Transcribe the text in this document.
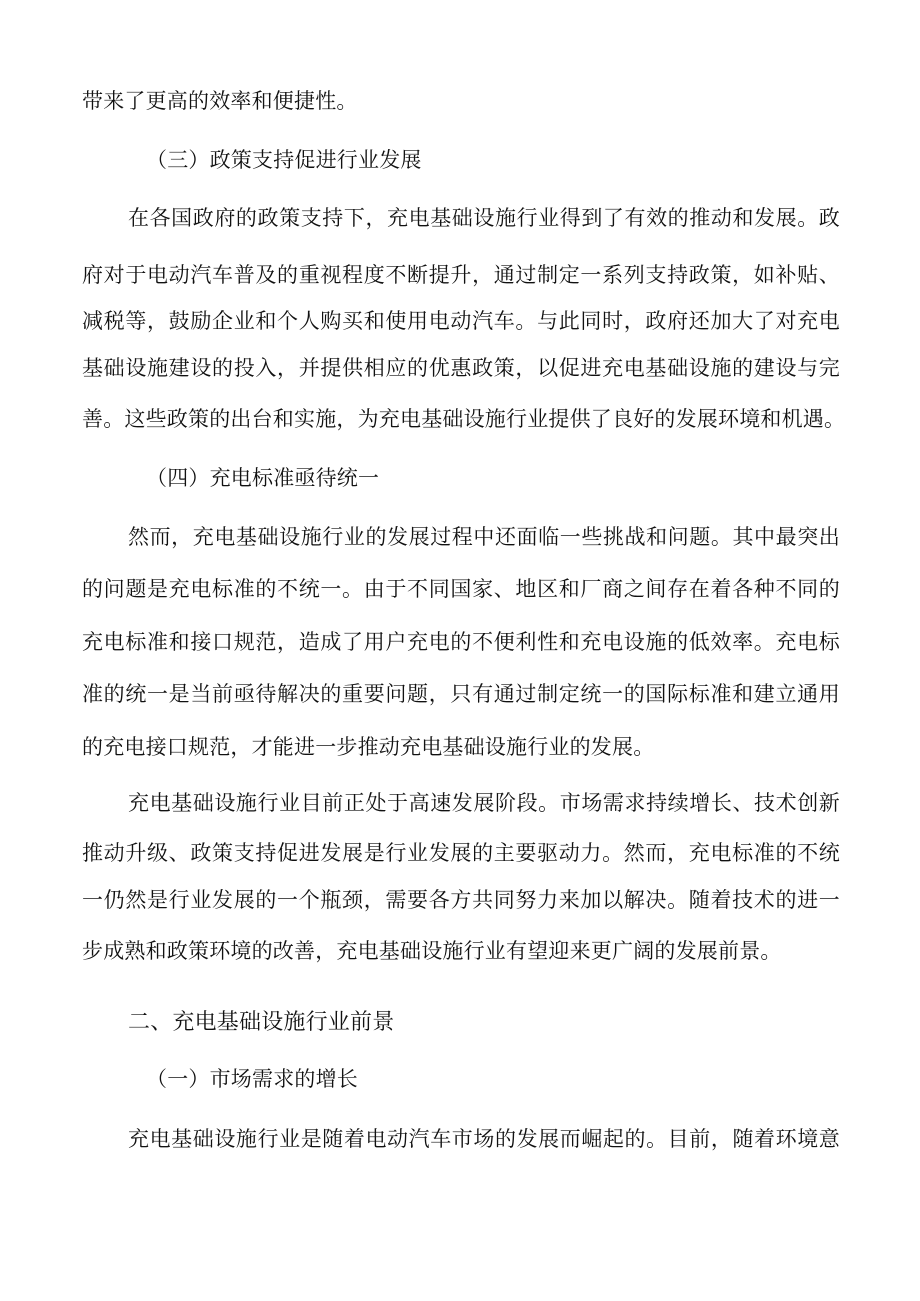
带来了更高的效率和便捷性。
（三）政策支持促进行业发展
在各国政府的政策支持下，充电基础设施行业得到了有效的推动和发展。政
府对于电动汽车普及的重视程度不断提升，通过制定一系列支持政策，如补贴、
减税等，鼓励企业和个人购买和使用电动汽车。与此同时，政府还加大了对充电
基础设施建设的投入，并提供相应的优惠政策，以促进充电基础设施的建设与完
善。这些政策的出台和实施，为充电基础设施行业提供了良好的发展环境和机遇。
（四）充电标准亟待统一
然而，充电基础设施行业的发展过程中还面临一些挑战和问题。其中最突出
的问题是充电标准的不统一。由于不同国家、地区和厂商之间存在着各种不同的
充电标准和接口规范，造成了用户充电的不便利性和充电设施的低效率。充电标
准的统一是当前亟待解决的重要问题，只有通过制定统一的国际标准和建立通用
的充电接口规范，才能进一步推动充电基础设施行业的发展。
充电基础设施行业目前正处于高速发展阶段。市场需求持续增长、技术创新
推动升级、政策支持促进发展是行业发展的主要驱动力。然而，充电标准的不统
一仍然是行业发展的一个瓶颈，需要各方共同努力来加以解决。随着技术的进一
步成熟和政策环境的改善，充电基础设施行业有望迎来更广阔的发展前景。
二、充电基础设施行业前景
（一）市场需求的增长
充电基础设施行业是随着电动汽车市场的发展而崛起的。目前，随着环境意
